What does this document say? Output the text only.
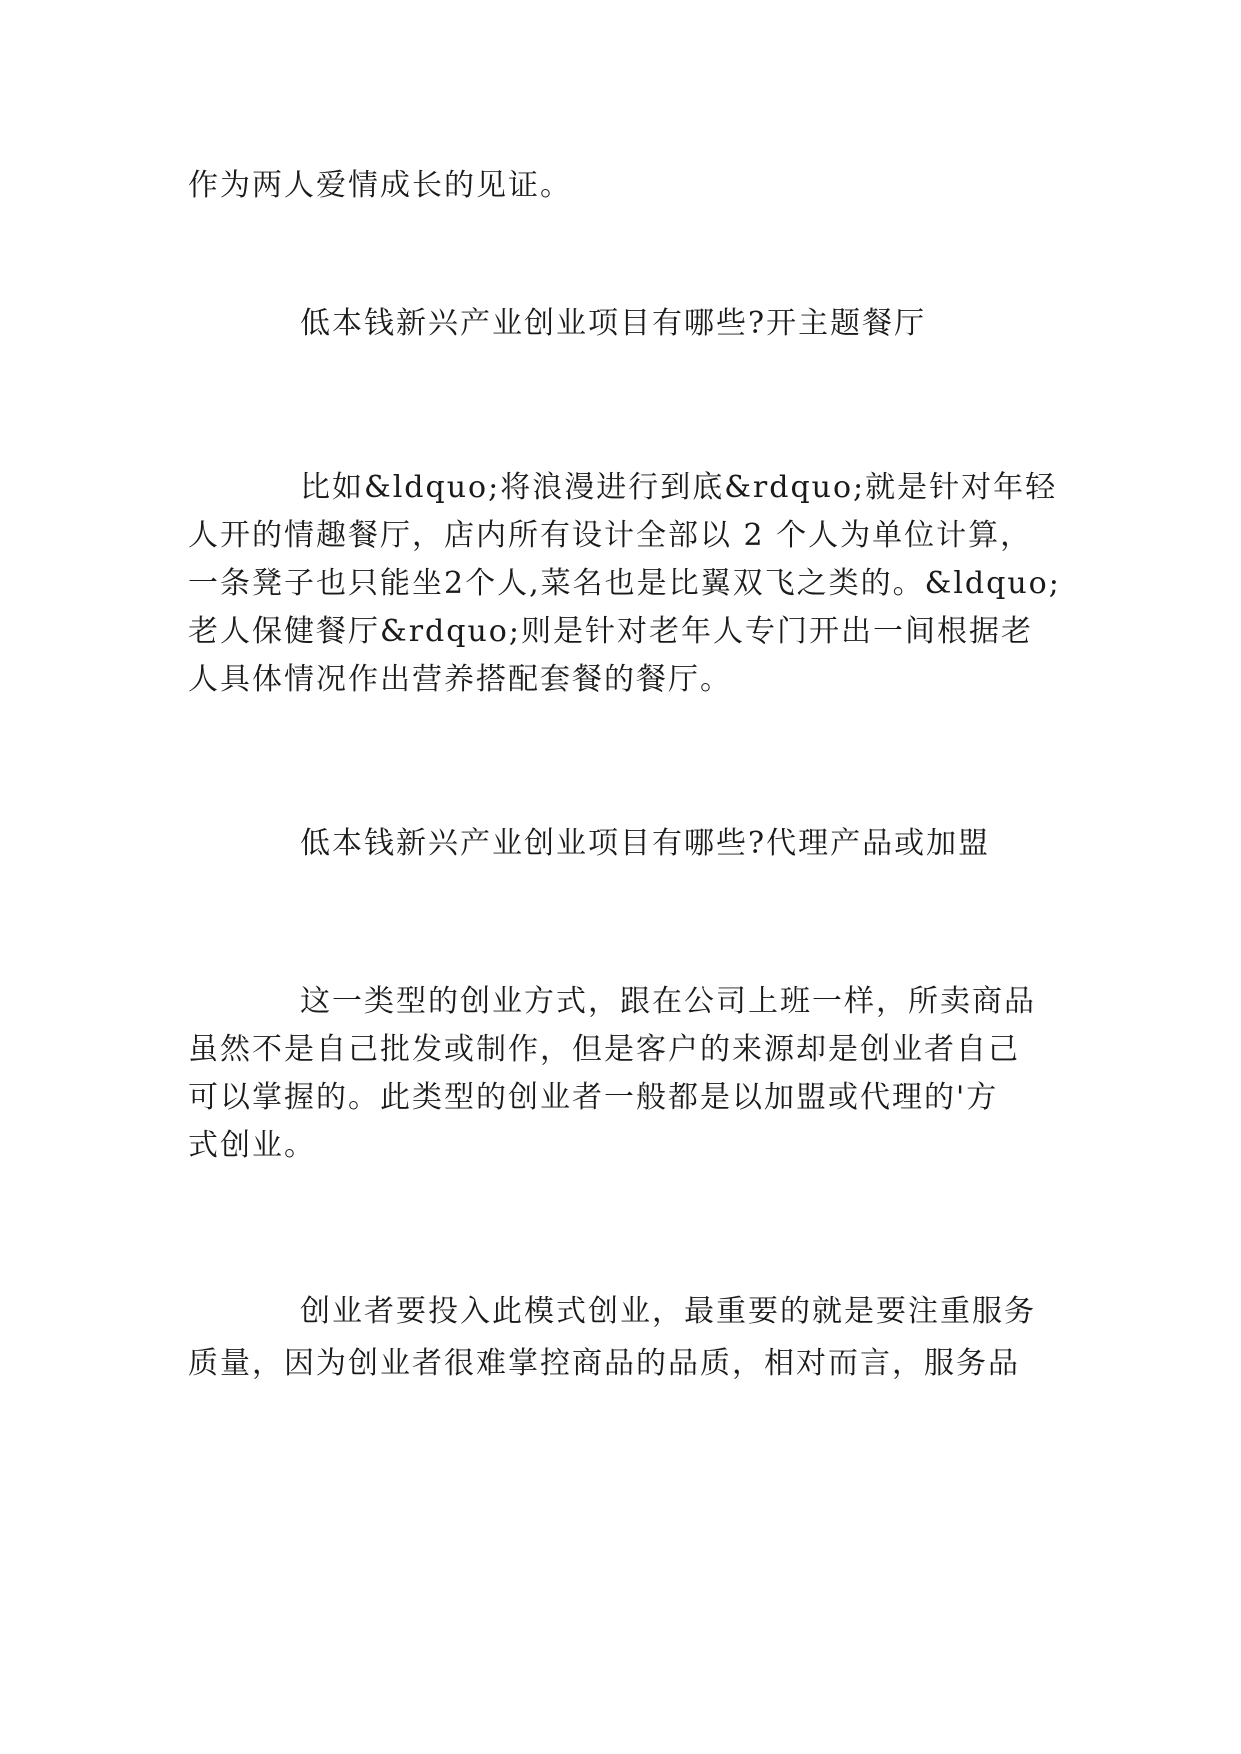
作为两人爱情成长的见证。

低本钱新兴产业创业项目有哪些?开主题餐厅

比如&ldquo;将浪漫进行到底&rdquo;就是针对年轻

人开的情趣餐厅，店内所有设计全部以 2 个人为单位计算，

一条凳子也只能坐2个人,菜名也是比翼双飞之类的。&ldquo;

老人保健餐厅&rdquo;则是针对老年人专门开出一间根据老

人具体情况作出营养搭配套餐的餐厅。

低本钱新兴产业创业项目有哪些?代理产品或加盟

这一类型的创业方式，跟在公司上班一样，所卖商品

虽然不是自己批发或制作，但是客户的来源却是创业者自己

可以掌握的。此类型的创业者一般都是以加盟或代理的'方

式创业。

创业者要投入此模式创业，最重要的就是要注重服务

质量，因为创业者很难掌控商品的品质，相对而言，服务品
